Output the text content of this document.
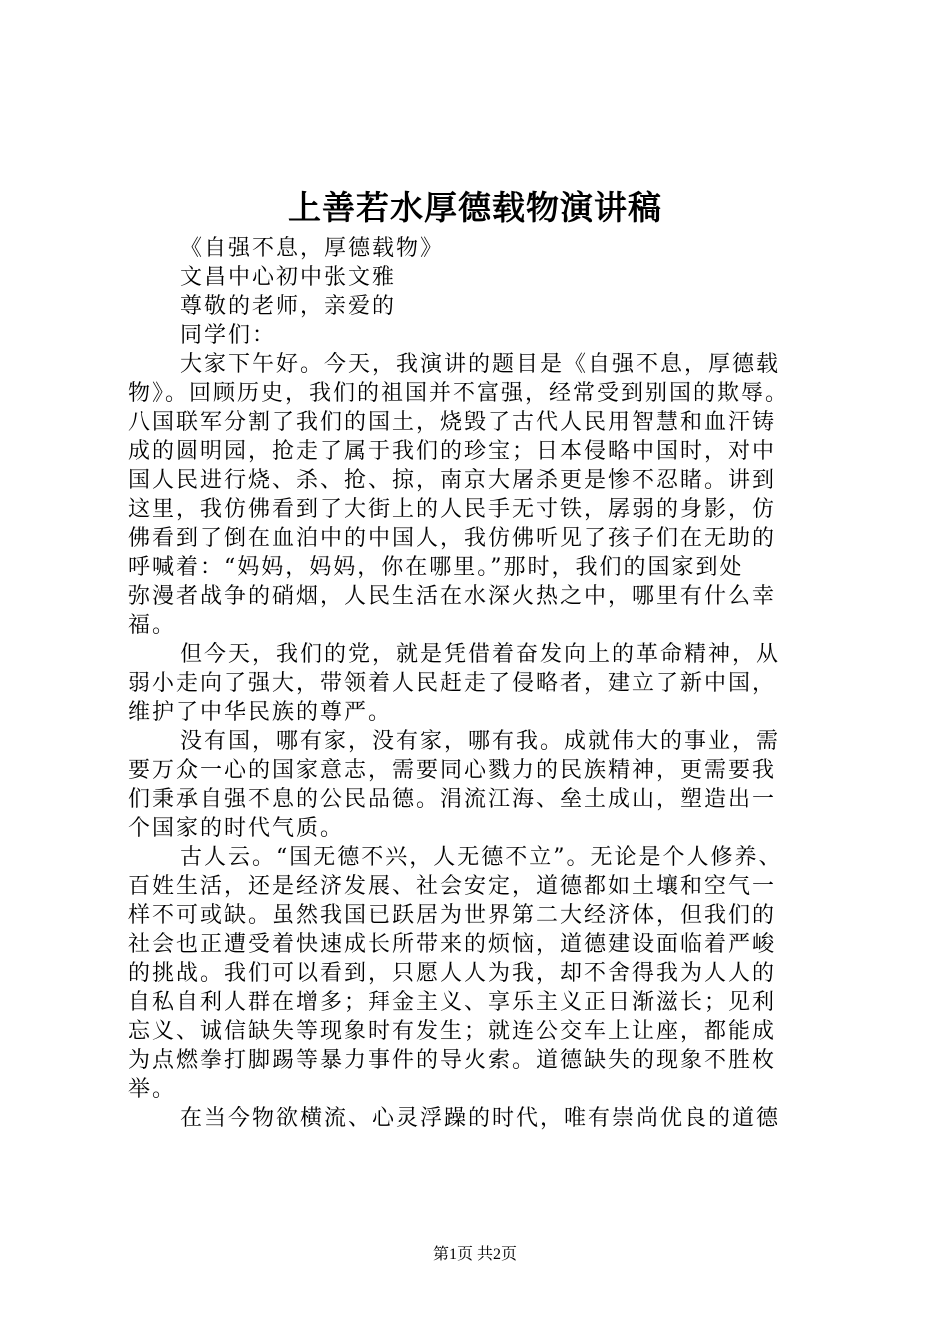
上善若水厚德载物演讲稿
《自强不息，厚德载物》
文昌中心初中张文雅
尊敬的老师，亲爱的
同学们：
大家下午好。今天，我演讲的题目是《自强不息，厚德载
物》。回顾历史，我们的祖国并不富强，经常受到别国的欺辱。
八国联军分割了我们的国土，烧毁了古代人民用智慧和血汗铸
成的圆明园，抢走了属于我们的珍宝；日本侵略中国时，对中
国人民进行烧、杀、抢、掠，南京大屠杀更是惨不忍睹。讲到
这里，我仿佛看到了大街上的人民手无寸铁，孱弱的身影，仿
佛看到了倒在血泊中的中国人，我仿佛听见了孩子们在无助的
呼喊着：“妈妈，妈妈，你在哪里。”那时，我们的国家到处
弥漫者战争的硝烟，人民生活在水深火热之中，哪里有什么幸
福。
但今天，我们的党，就是凭借着奋发向上的革命精神，从
弱小走向了强大，带领着人民赶走了侵略者，建立了新中国，
维护了中华民族的尊严。
没有国，哪有家，没有家，哪有我。成就伟大的事业，需
要万众一心的国家意志，需要同心戮力的民族精神，更需要我
们秉承自强不息的公民品德。涓流江海、垒土成山，塑造出一
个国家的时代气质。
古人云。“国无德不兴，人无德不立”。无论是个人修养、
百姓生活，还是经济发展、社会安定，道德都如土壤和空气一
样不可或缺。虽然我国已跃居为世界第二大经济体，但我们的
社会也正遭受着快速成长所带来的烦恼，道德建设面临着严峻
的挑战。我们可以看到，只愿人人为我，却不舍得我为人人的
自私自利人群在增多；拜金主义、享乐主义正日渐滋长；见利
忘义、诚信缺失等现象时有发生；就连公交车上让座，都能成
为点燃拳打脚踢等暴力事件的导火索。道德缺失的现象不胜枚
举。
在当今物欲横流、心灵浮躁的时代，唯有崇尚优良的道德
第1页 共2页
